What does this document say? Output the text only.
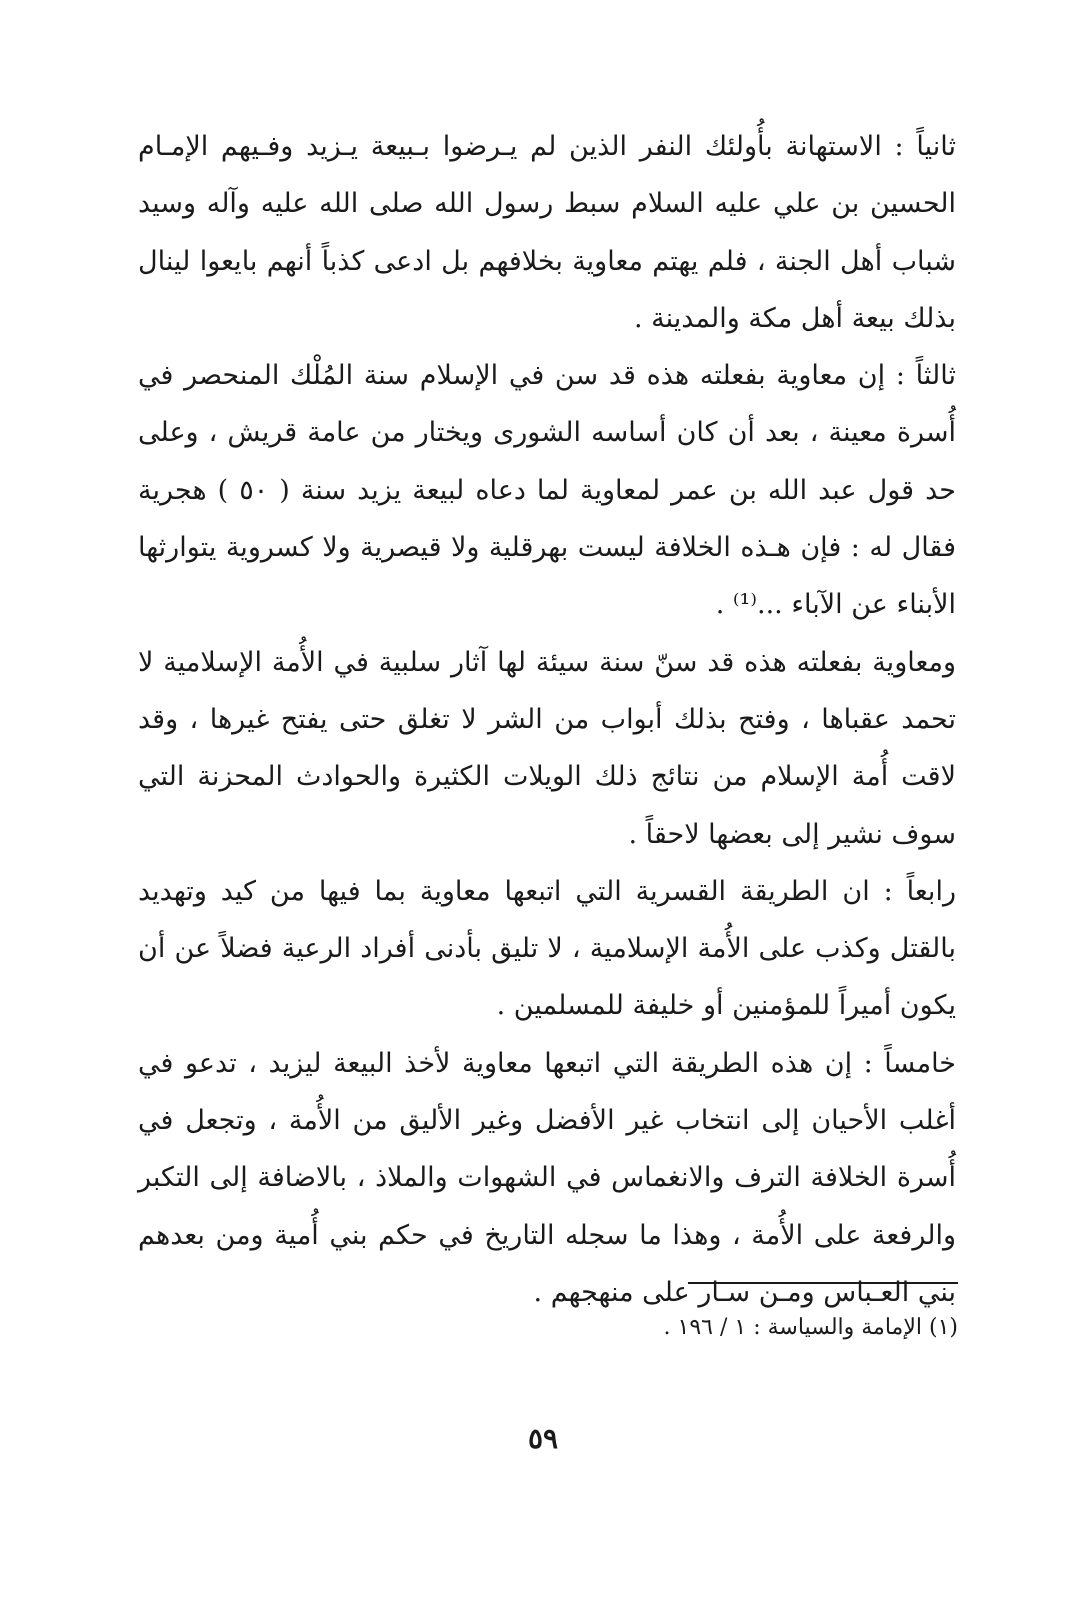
ثانياً : الاستهانة بأُولئك النفر الذين لم يـرضوا بـبيعة يـزيد وفـيهم الإمـام الحسين بن علي عليه السلام سبط رسول الله صلى الله عليه وآله وسيد شباب أهل الجنة ، فلم يهتم معاوية بخلافهم بل ادعى كذباً أنهم بايعوا لينال بذلك بيعة أهل مكة والمدينة .

ثالثاً : إن معاوية بفعلته هذه قد سن في الإسلام سنة المُلْك المنحصر في أُسرة معينة ، بعد أن كان أساسه الشورى ويختار من عامة قريش ، وعلى حد قول عبد الله بن عمر لمعاوية لما دعاه لبيعة يزيد سنة ( ٥٠ ) هجرية فقال له : فإن هـذه الخلافة ليست بهرقلية ولا قيصرية ولا كسروية يتوارثها الأبناء عن الآباء ...⁽¹⁾ .

ومعاوية بفعلته هذه قد سنّ سنة سيئة لها آثار سلبية في الأُمة الإسلامية لا تحمد عقباها ، وفتح بذلك أبواب من الشر لا تغلق حتى يفتح غيرها ، وقد لاقت أُمة الإسلام من نتائج ذلك الويلات الكثيرة والحوادث المحزنة التي سوف نشير إلى بعضها لاحقاً .

رابعاً : ان الطريقة القسرية التي اتبعها معاوية بما فيها من كيد وتهديد بالقتل وكذب على الأُمة الإسلامية ، لا تليق بأدنى أفراد الرعية فضلاً عن أن يكون أميراً للمؤمنين أو خليفة للمسلمين .

خامساً : إن هذه الطريقة التي اتبعها معاوية لأخذ البيعة ليزيد ، تدعو في أغلب الأحيان إلى انتخاب غير الأفضل وغير الأليق من الأُمة ، وتجعل في أُسرة الخلافة الترف والانغماس في الشهوات والملاذ ، بالاضافة إلى التكبر والرفعة على الأُمة ، وهذا ما سجله التاريخ في حكم بني أُمية ومن بعدهم بني العـباس ومـن سـار على منهجهم .

(١) الإمامة والسياسة : ١ / ١٩٦ .

٥٩
